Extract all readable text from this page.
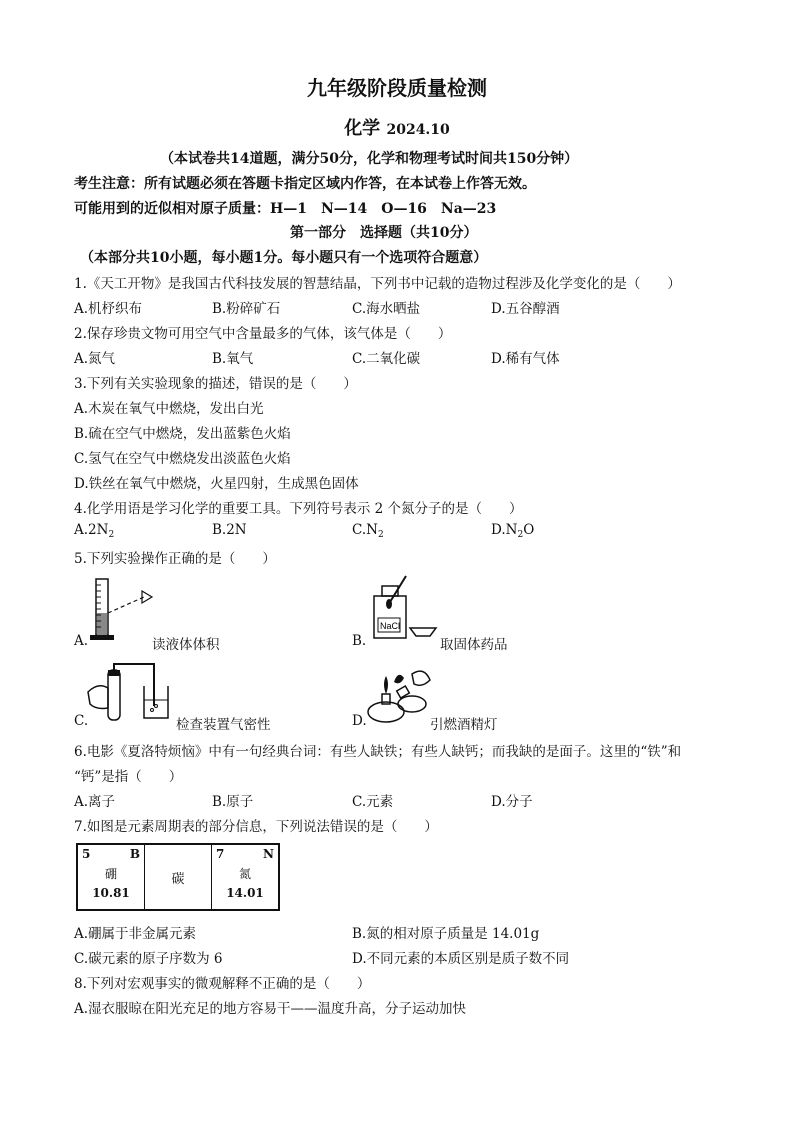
九年级阶段质量检测
化学 2024.10
（本试卷共14道题，满分50分，化学和物理考试时间共150分钟）
考生注意：所有试题必须在答题卡指定区域内作答，在本试卷上作答无效。
可能用到的近似相对原子质量：H—1　N—14　O—16　Na—23
第一部分　选择题（共10分）
（本部分共10小题，每小题1分。每小题只有一个选项符合题意）
1.《天工开物》是我国古代科技发展的智慧结晶，下列书中记载的造物过程涉及化学变化的是（　　）
A.机杼织布	B.粉碎矿石	C.海水晒盐	D.五谷醇酒
2.保存珍贵文物可用空气中含量最多的气体，该气体是（　　）
A.氮气	B.氧气	C.二氧化碳	D.稀有气体
3.下列有关实验现象的描述，错误的是（　　）
A.木炭在氧气中燃烧，发出白光
B.硫在空气中燃烧，发出蓝紫色火焰
C.氢气在空气中燃烧发出淡蓝色火焰
D.铁丝在氧气中燃烧，火星四射，生成黑色固体
4.化学用语是学习化学的重要工具。下列符号表示 2 个氮分子的是（　　）
$A.2N_2$	B.2N	$C.N_2$	$D.N_2O$
5.下列实验操作正确的是（　　）
A.	读液体体积	B.
NaCl
取固体药品
C.	检查装置气密性	D.	引燃酒精灯
6.电影《夏洛特烦恼》中有一句经典台词：有些人缺铁；有些人缺钙；而我缺的是面子。这里的“铁”和
“钙”是指（　　）
A.离子	B.原子	C.元素	D.分子
7.如图是元素周期表的部分信息，下列说法错误的是（　　）
5	B
硼
10.81
	碳	
7	N
氮
14.01
A.硼属于非金属元素	B.氮的相对原子质量是 14.01g
C.碳元素的原子序数为 6	D.不同元素的本质区别是质子数不同
8.下列对宏观事实的微观解释不正确的是（　　）
A.湿衣服晾在阳光充足的地方容易干——温度升高，分子运动加快
